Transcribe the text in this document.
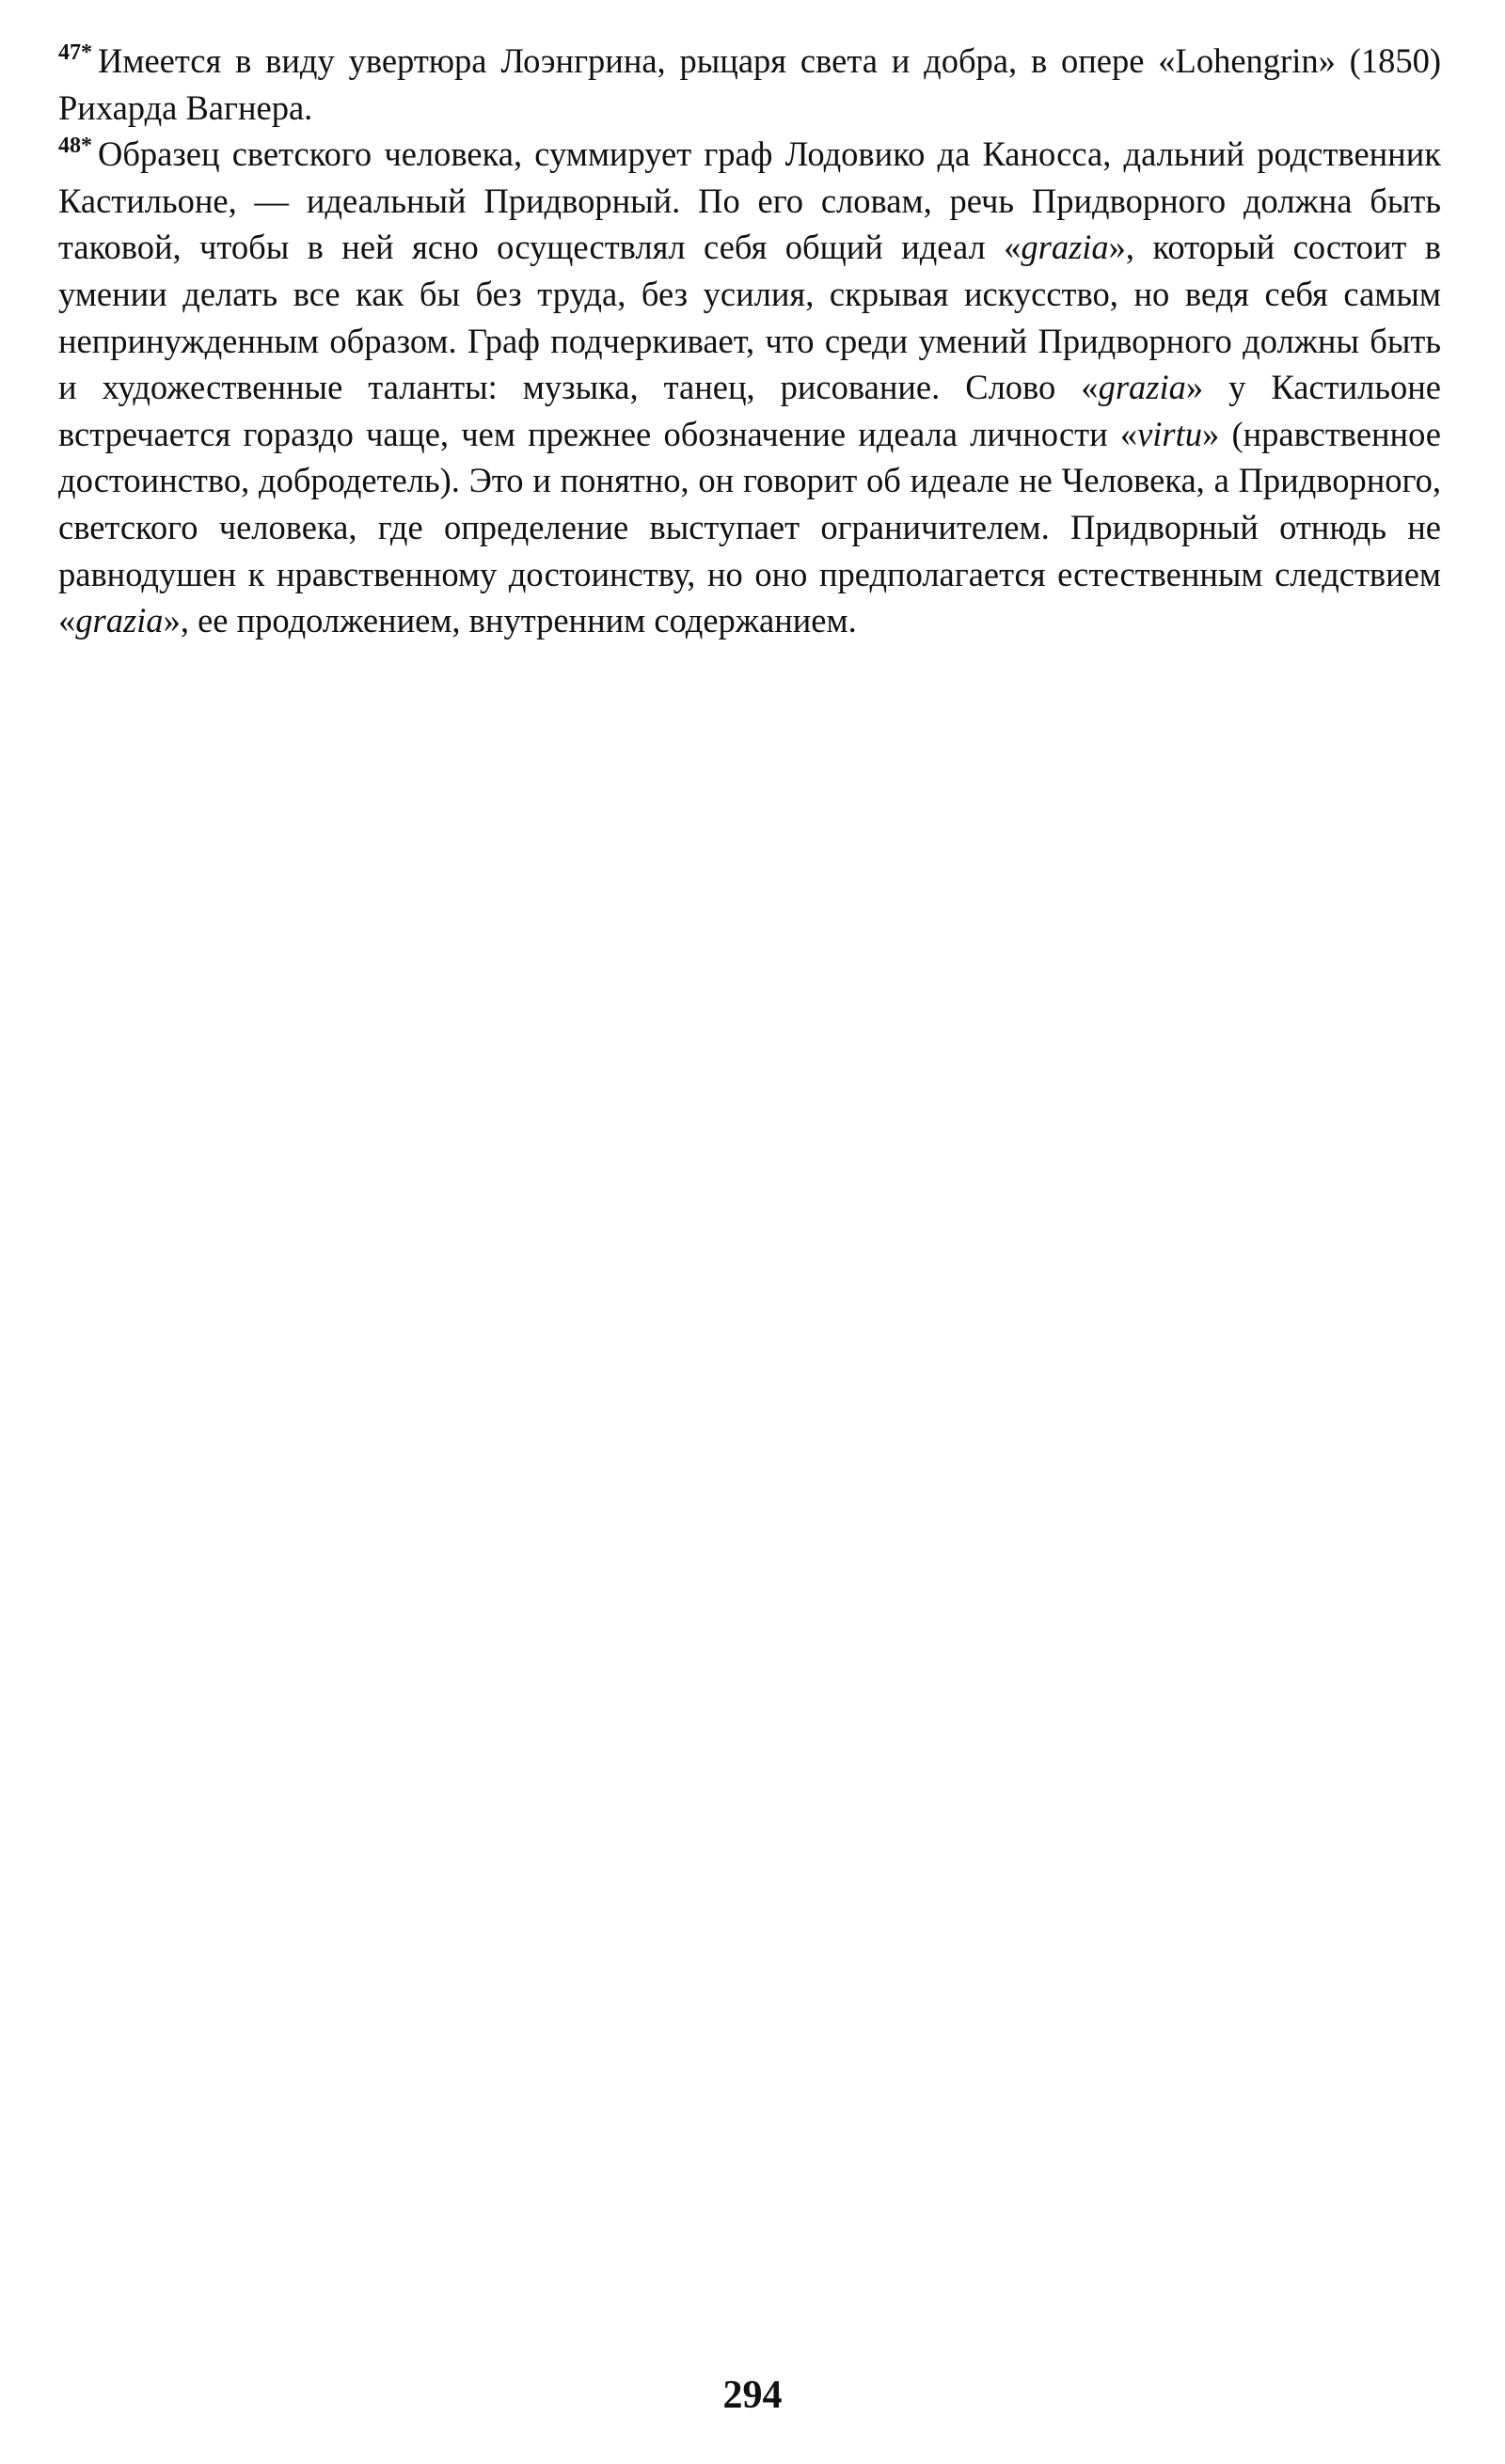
$^{47*}$ Имеется в виду увертюра Лоэнгрина, рыцаря света и добра, в опере «Lohengrin» (1850) Рихарда Вагнера.

$^{48*}$ Образец светского человека, суммирует граф Лодовико да Каносса, дальний родственник Кастильоне, — идеальный Придворный. По его словам, речь Придворного должна быть таковой, чтобы в ней ясно осуществлял себя общий идеал «grazia», который состоит в умении делать все как бы без труда, без усилия, скрывая искусство, но ведя себя самым непринужденным образом. Граф подчеркивает, что среди умений Придворного должны быть и художественные таланты: музыка, танец, рисование. Слово «grazia» у Кастильоне встречается гораздо чаще, чем прежнее обозначение идеала личности «virtu» (нравственное достоинство, добродетель). Это и понятно, он говорит об идеале не Человека, а Придворного, светского человека, где определение выступает ограничителем. Придворный отнюдь не равнодушен к нравственному достоинству, но оно предполагается естественным следствием «grazia», ее продолжением, внутренним содержанием.

294
